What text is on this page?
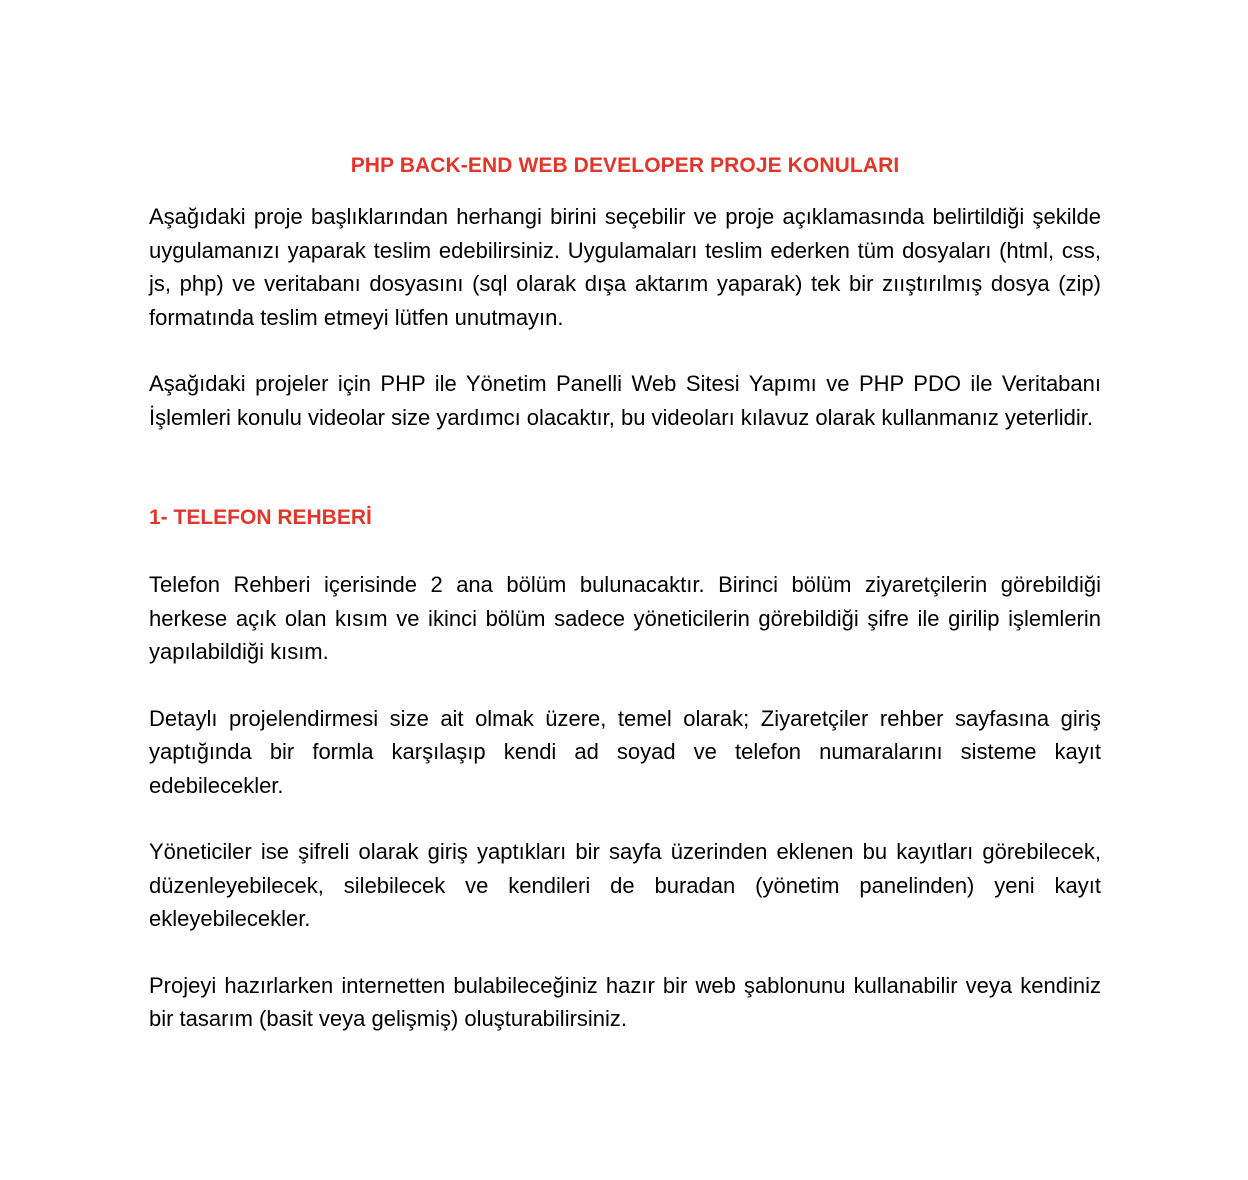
PHP BACK-END WEB DEVELOPER PROJE KONULARI

Aşağıdaki proje başlıklarından herhangi birini seçebilir ve proje açıklamasında belirtildiği şekilde uygulamanızı yaparak teslim edebilirsiniz. Uygulamaları teslim ederken tüm dosyaları (html, css, js, php) ve veritabanı dosyasını (sql olarak dışa aktarım yaparak) tek bir zııştırılmış dosya (zip) formatında teslim etmeyi lütfen unutmayın.

Aşağıdaki projeler için PHP ile Yönetim Panelli Web Sitesi Yapımı ve PHP PDO ile Veritabanı İşlemleri konulu videolar size yardımcı olacaktır, bu videoları kılavuz olarak kullanmanız yeterlidir.

1- TELEFON REHBERİ

Telefon Rehberi içerisinde 2 ana bölüm bulunacaktır. Birinci bölüm ziyaretçilerin görebildiği herkese açık olan kısım ve ikinci bölüm sadece yöneticilerin görebildiği şifre ile girilip işlemlerin yapılabildiği kısım.

Detaylı projelendirmesi size ait olmak üzere, temel olarak; Ziyaretçiler rehber sayfasına giriş yaptığında bir formla karşılaşıp kendi ad soyad ve telefon numaralarını sisteme kayıt edebilecekler.

Yöneticiler ise şifreli olarak giriş yaptıkları bir sayfa üzerinden eklenen bu kayıtları görebilecek, düzenleyebilecek, silebilecek ve kendileri de buradan (yönetim panelinden) yeni kayıt ekleyebilecekler.

Projeyi hazırlarken internetten bulabileceğiniz hazır bir web şablonunu kullanabilir veya kendiniz bir tasarım (basit veya gelişmiş) oluşturabilirsiniz.
